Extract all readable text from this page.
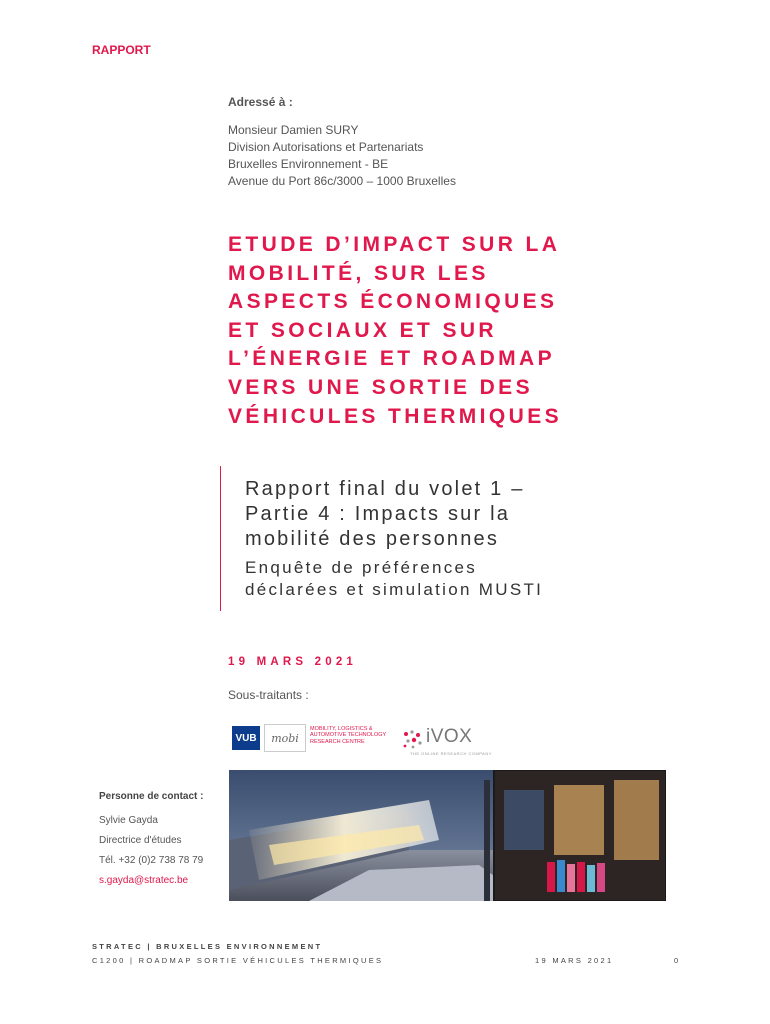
RAPPORT
Adressé à :
Monsieur Damien SURY
Division Autorisations et Partenariats
Bruxelles Environnement - BE
Avenue du Port 86c/3000 – 1000 Bruxelles
ETUDE D’IMPACT SUR LA
MOBILITÉ, SUR LES
ASPECTS ÉCONOMIQUES
ET SOCIAUX ET SUR
L’ÉNERGIE ET ROADMAP
VERS UNE SORTIE DES
VÉHICULES THERMIQUES
Rapport final du volet 1 –
Partie 4 : Impacts sur la
mobilité des personnes
Enquête de préférences
déclarées et simulation MUSTI
19 MARS 2021
Sous-traitants :
VUB	mobi
MOBILITY, LOGISTICS &
AUTOMOTIVE TECHNOLOGY
RESEARCH CENTRE	iVOX
THE ONLINE RESEARCH COMPANY
Personne de contact :
Sylvie Gayda
Directrice d'études
Tél. +32 (0)2 738 78 79
s.gayda@stratec.be
STRATEC | BRUXELLES ENVIRONNEMENT
C1200 | ROADMAP SORTIE VÉHICULES THERMIQUES	19 MARS 2021	0
